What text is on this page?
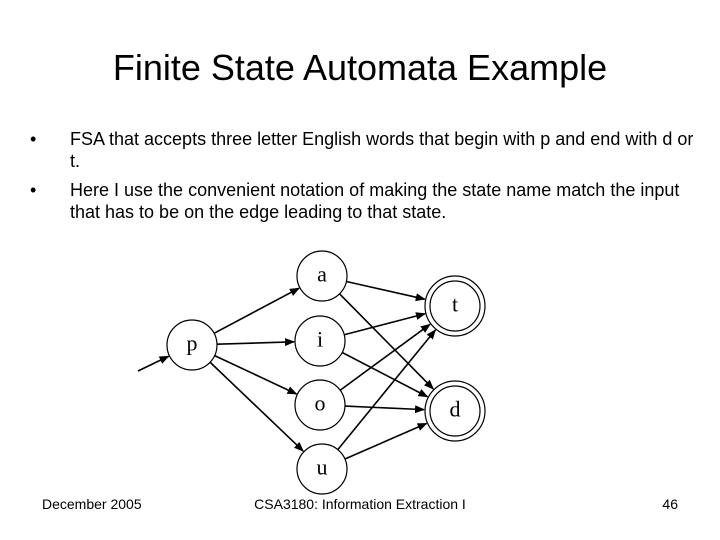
Finite State Automata Example
• FSA that accepts three letter English words that begin with p and end with d or t.
• Here I use the convenient notation of making the state name match the input that has to be on the edge leading to that state.
p
a
i
o
u
t
d
December 2005	CSA3180: Information Extraction I	46
